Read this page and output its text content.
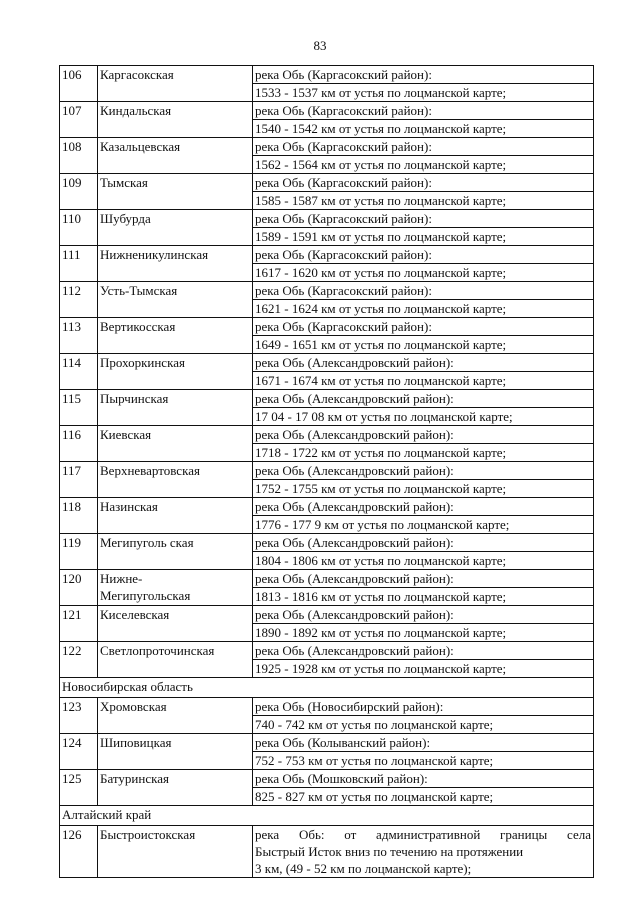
83
106	Каргасокская	река Обь (Каргасокский район):
1533 - 1537 км от устья по лоцманской карте;

107	Киндальская	река Обь (Каргасокский район):
1540 - 1542 км от устья по лоцманской карте;

108	Казальцевская	река Обь (Каргасокский район):
1562 - 1564 км от устья по лоцманской карте;

109	Тымская	река Обь (Каргасокский район):
1585 - 1587 км от устья по лоцманской карте;

110	Шубурда	река Обь (Каргасокский район):
1589 - 1591 км от устья по лоцманской карте;

111	Нижненикулинская	река Обь (Каргасокский район):
1617 - 1620 км от устья по лоцманской карте;

112	Усть-Тымская	река Обь (Каргасокский район):
1621 - 1624 км от устья по лоцманской карте;

113	Вертикосская	река Обь (Каргасокский район):
1649 - 1651 км от устья по лоцманской карте;

114	Прохоркинская	река Обь (Александровский район):
1671 - 1674 км от устья по лоцманской карте;

115	Пырчинская	река Обь (Александровский район):
17 04 - 17 08 км от устья по лоцманской карте;

116	Киевская	река Обь (Александровский район):
1718 - 1722 км от устья по лоцманской карте;

117	Верхневартовская	река Обь (Александровский район):
1752 - 1755 км от устья по лоцманской карте;

118	Назинская	река Обь (Александровский район):
1776 - 177 9 км от устья по лоцманской карте;

119	Мегипуголь ская	река Обь (Александровский район):
1804 - 1806 км от устья по лоцманской карте;

120	Нижне-
Мегипугольская	река Обь (Александровский район):
1813 - 1816 км от устья по лоцманской карте;

121	Киселевская	река Обь (Александровский район):
1890 - 1892 км от устья по лоцманской карте;

122	Светлопроточинская	река Обь (Александровский район):
1925 - 1928 км от устья по лоцманской карте;

Новосибирская область		
123	Хромовская	река Обь (Новосибирский район):
740 - 742 км от устья по лоцманской карте;

124	Шиповицкая	река Обь (Колыванский район):
752 - 753 км от устья по лоцманской карте;

125	Батуринская	река Обь (Мошковский район):
825 - 827 км от устья по лоцманской карте;

Алтайский край		
126	Быстроистокская	река Обь: от административной границы села
Быстрый Исток вниз по течению на протяжении
3 км, (49 - 52 км по лоцманской карте);
